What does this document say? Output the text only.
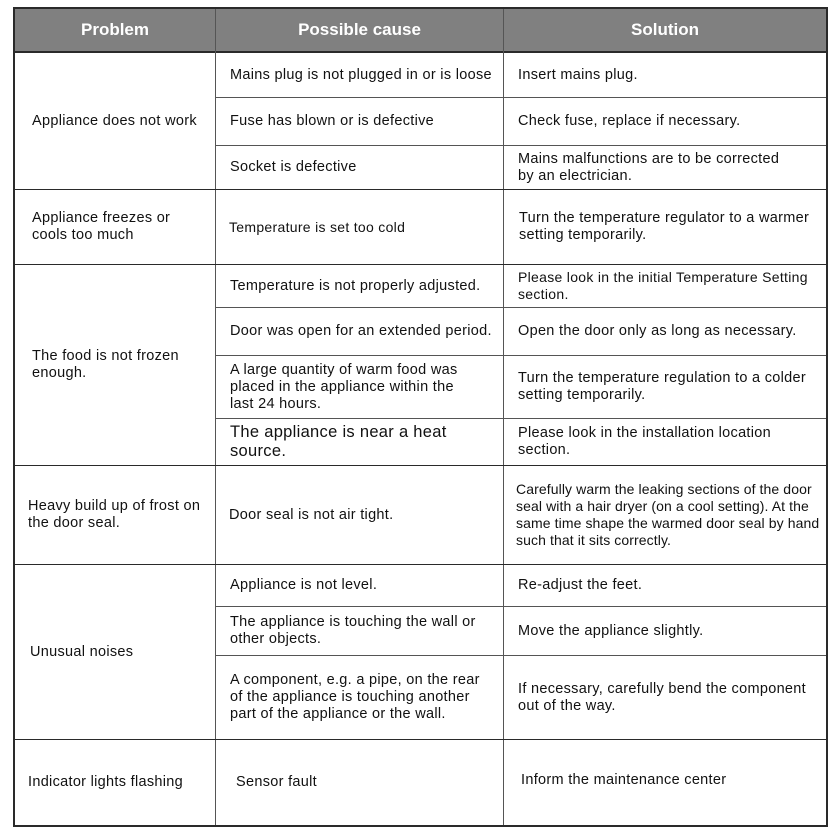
Problem	Possible cause	Solution
Appliance does not work
Appliance freezes or cools too much
The food is not frozen enough.
Heavy build up of frost on the door seal.
Unusual noises
Indicator lights flashing
Mains plug is not plugged in or is loose
Fuse has blown or is defective
Socket is defective
Temperature is set too cold
Temperature is not properly adjusted.
Door was open for an extended period.
A large quantity of warm food was placed in the appliance within the last 24 hours.
The appliance is near a heat source.
Door seal is not air tight.
Appliance is not level.
The appliance is touching the wall or other objects.
A component, e.g. a pipe, on the rear of the appliance is touching another part of the appliance or the wall.
Sensor fault
Insert mains plug.
Check fuse, replace if necessary.
Mains malfunctions are to be corrected by an electrician.
Turn the temperature regulator to a warmer setting temporarily.
Please look in the initial Temperature Setting section.
Open the door only as long as necessary.
Turn the temperature regulation to a colder setting temporarily.
Please look in the installation location section.
Carefully warm the leaking sections of the door seal with a hair dryer (on a cool setting). At the same time shape the warmed door seal by hand such that it sits correctly.
Re-adjust the feet.
Move the appliance slightly.
If necessary, carefully bend the component out of the way.
Inform the maintenance center
